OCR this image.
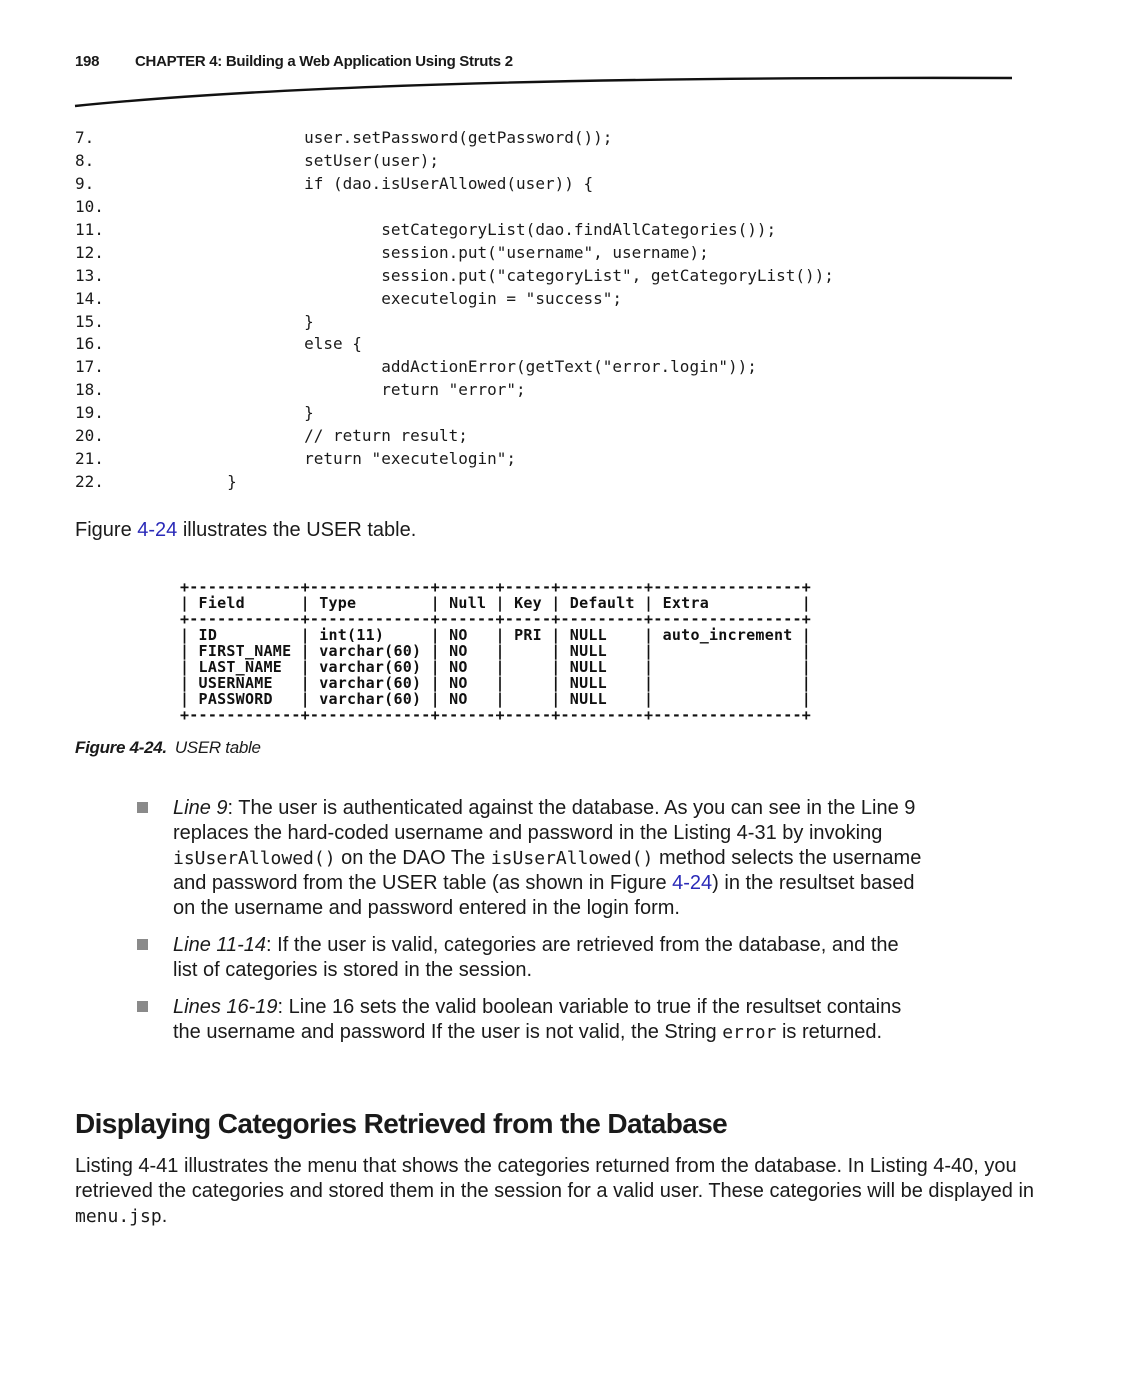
198 CHAPTER 4: Building a Web Application Using Struts 2
7.	user.setPassword(getPassword());
8.	setUser(user);
9.	if (dao.isUserAllowed(user)) {
10.
11.	setCategoryList(dao.findAllCategories());
12.	session.put("username", username);
13.	session.put("categoryList", getCategoryList());
14.	executelogin = "success";
15.	}
16.	else {
17.	addActionError(getText("error.login"));
18.	return "error";
19.	}
20.	// return result;
21.	return "executelogin";
22.	}

Figure 4-24 illustrates the USER table.

+------------+-------------+------+-----+---------+----------------+
| Field      | Type        | Null | Key | Default | Extra          |
+------------+-------------+------+-----+---------+----------------+
| ID         | int(11)     | NO   | PRI | NULL    | auto_increment |
| FIRST_NAME | varchar(60) | NO   |     | NULL    |                |
| LAST_NAME  | varchar(60) | NO   |     | NULL    |                |
| USERNAME   | varchar(60) | NO   |     | NULL    |                |
| PASSWORD   | varchar(60) | NO   |     | NULL    |                |
+------------+-------------+------+-----+---------+----------------+
Figure 4-24. USER table
Line 9: The user is authenticated against the database. As you can see in the Line 9 replaces the hard-coded username and password in the Listing 4-31 by invoking isUserAllowed() on the DAO The isUserAllowed() method selects the username and password from the USER table (as shown in Figure 4-24) in the resultset based on the username and password entered in the login form.
Line 11-14: If the user is valid, categories are retrieved from the database, and the list of categories is stored in the session.
Lines 16-19: Line 16 sets the valid boolean variable to true if the resultset contains the username and password If the user is not valid, the String error is returned.
Displaying Categories Retrieved from the Database

Listing 4-41 illustrates the menu that shows the categories returned from the database. In Listing 4-40, you retrieved the categories and stored them in the session for a valid user. These categories will be displayed in menu.jsp.
